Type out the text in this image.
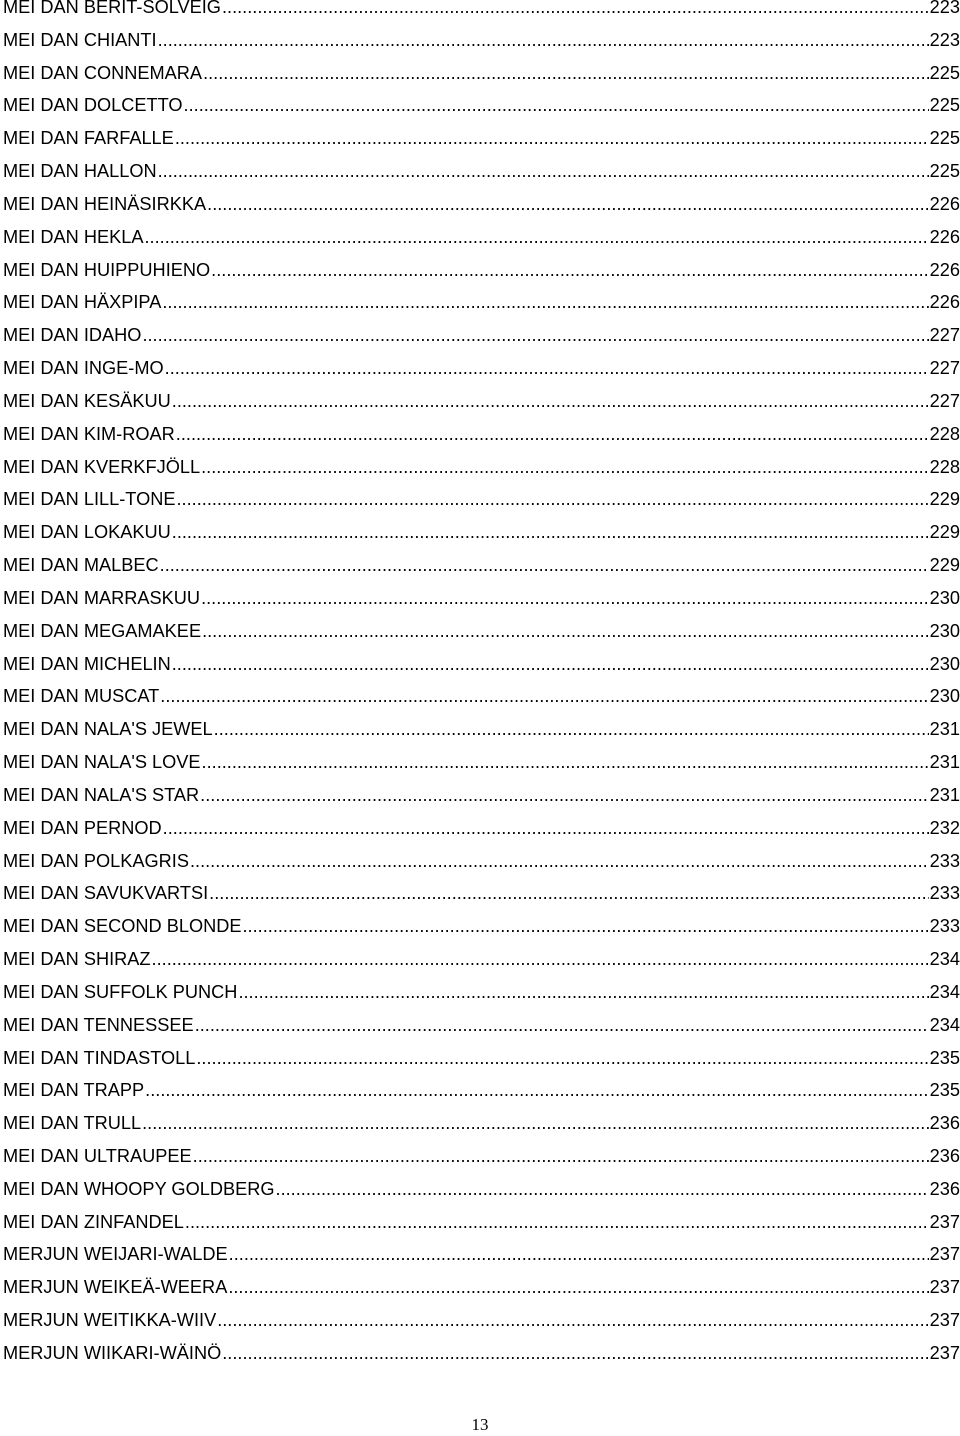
MEI DAN BERIT-SOLVEIG .....	223
MEI DAN CHIANTI .....	223
MEI DAN CONNEMARA .....	225
MEI DAN DOLCETTO .....	225
MEI DAN FARFALLE .....	225
MEI DAN HALLON .....	225
MEI DAN HEINÄSIRKKA .....	226
MEI DAN HEKLA .....	226
MEI DAN HUIPPUHIENO .....	226
MEI DAN HÄXPIPA .....	226
MEI DAN IDAHO .....	227
MEI DAN INGE-MO .....	227
MEI DAN KESÄKUU .....	227
MEI DAN KIM-ROAR .....	228
MEI DAN KVERKFJÖLL .....	228
MEI DAN LILL-TONE .....	229
MEI DAN LOKAKUU .....	229
MEI DAN MALBEC .....	229
MEI DAN MARRASKUU .....	230
MEI DAN MEGAMAKEE .....	230
MEI DAN MICHELIN .....	230
MEI DAN MUSCAT .....	230
MEI DAN NALA'S JEWEL .....	231
MEI DAN NALA'S LOVE .....	231
MEI DAN NALA'S STAR .....	231
MEI DAN PERNOD .....	232
MEI DAN POLKAGRIS .....	233
MEI DAN SAVUKVARTSI .....	233
MEI DAN SECOND BLONDE .....	233
MEI DAN SHIRAZ .....	234
MEI DAN SUFFOLK PUNCH .....	234
MEI DAN TENNESSEE .....	234
MEI DAN TINDASTOLL .....	235
MEI DAN TRAPP .....	235
MEI DAN TRULL .....	236
MEI DAN ULTRAUPEE .....	236
MEI DAN WHOOPY GOLDBERG .....	236
MEI DAN ZINFANDEL .....	237
MERJUN WEIJARI-WALDE .....	237
MERJUN WEIKEÄ-WEERA .....	237
MERJUN WEITIKKA-WIIV .....	237
MERJUN WIIKARI-WÄINÖ .....	237
13
